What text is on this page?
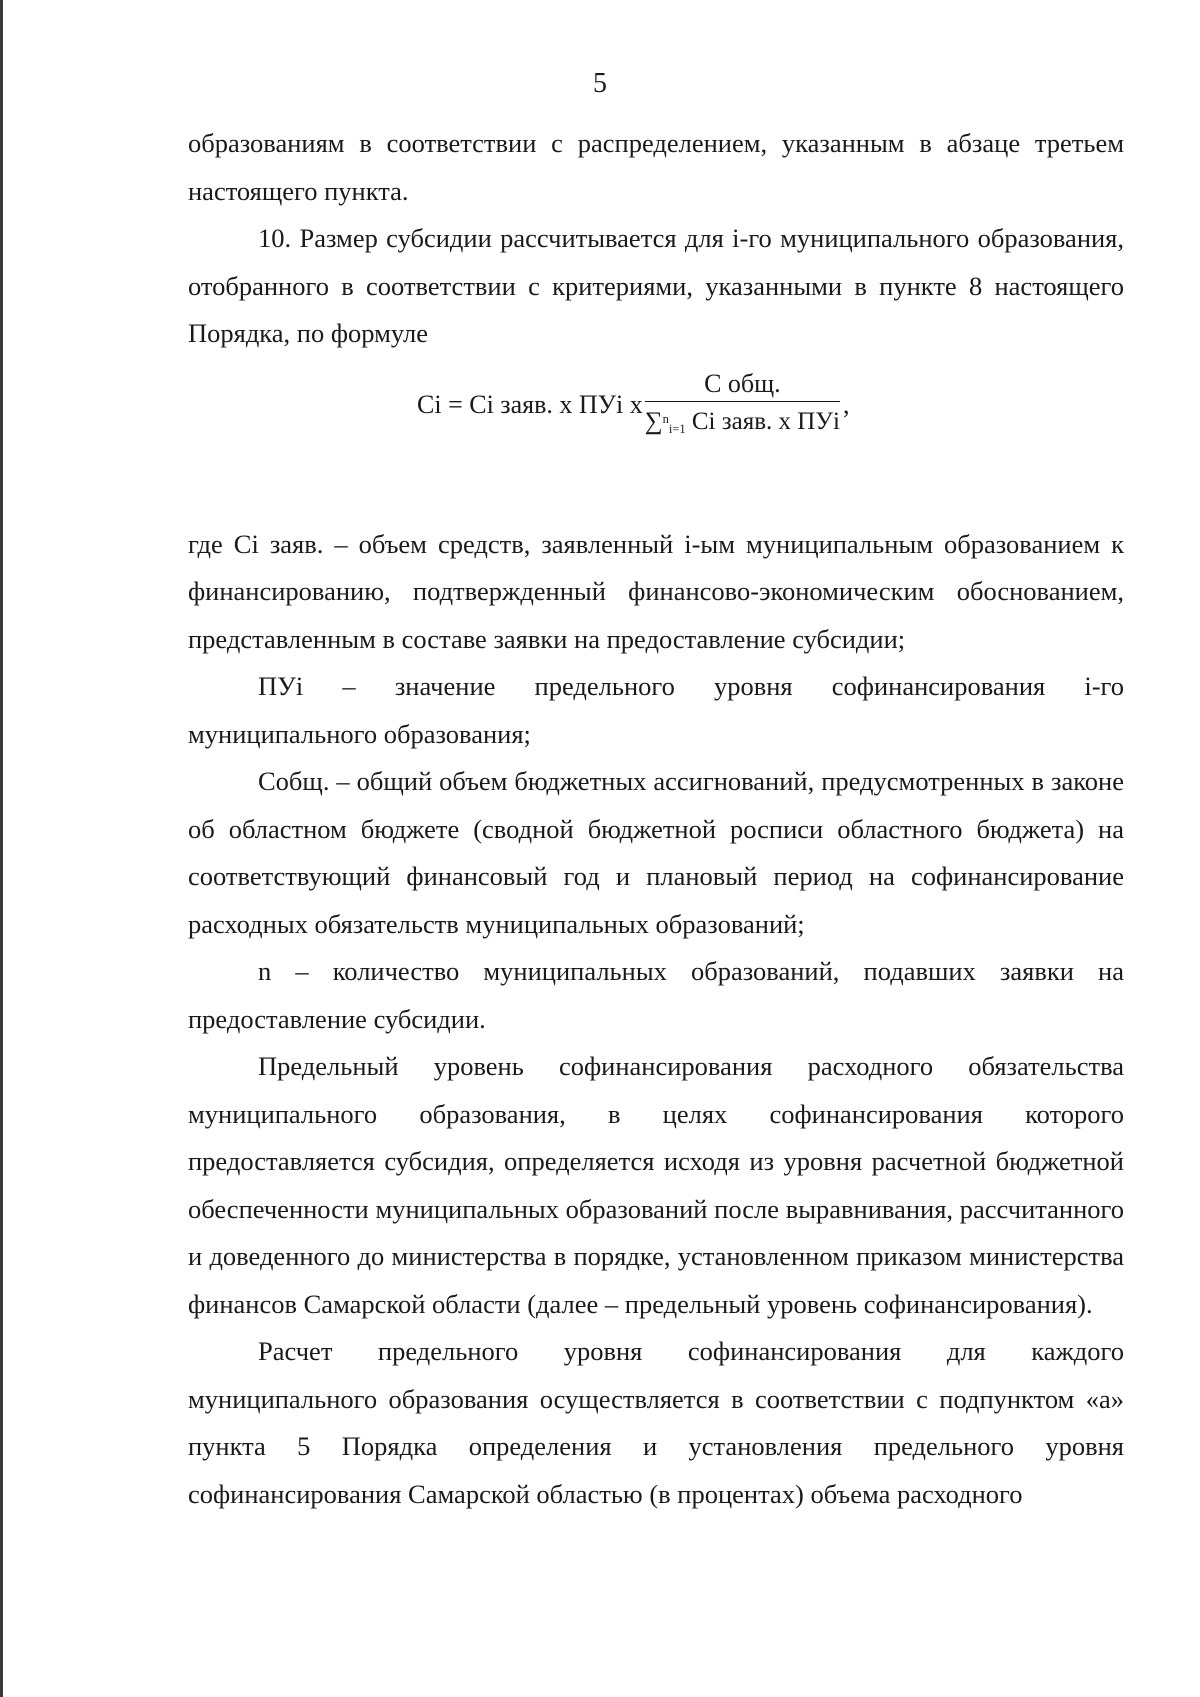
5

образованиям в соответствии с распределением, указанным в абзаце третьем настоящего пункта.

10. Размер субсидии рассчитывается для i-го муниципального образования, отобранного в соответствии с критериями, указанными в пункте 8 настоящего Порядка, по формуле

Ci = Ci заяв. x ПУi x $\frac{\text{С общ.}}{\sum^n_{i=1} Ci заяв. x ПУi}$ ,

где Ci заяв. – объем средств, заявленный i-ым муниципальным образованием к финансированию, подтвержденный финансово-экономическим обоснованием, представленным в составе заявки на предоставление субсидии;

ПУi – значение предельного уровня софинансирования i-го муниципального образования;

Собщ. – общий объем бюджетных ассигнований, предусмотренных в законе об областном бюджете (сводной бюджетной росписи областного бюджета) на соответствующий финансовый год и плановый период на софинансирование расходных обязательств муниципальных образований;

n – количество муниципальных образований, подавших заявки на предоставление субсидии.

Предельный уровень софинансирования расходного обязательства муниципального образования, в целях софинансирования которого предоставляется субсидия, определяется исходя из уровня расчетной бюджетной обеспеченности муниципальных образований после выравнивания, рассчитанного и доведенного до министерства в порядке, установленном приказом министерства финансов Самарской области (далее – предельный уровень софинансирования).

Расчет предельного уровня софинансирования для каждого муниципального образования осуществляется в соответствии с подпунктом «а» пункта 5 Порядка определения и установления предельного уровня софинансирования Самарской областью (в процентах) объема расходного
